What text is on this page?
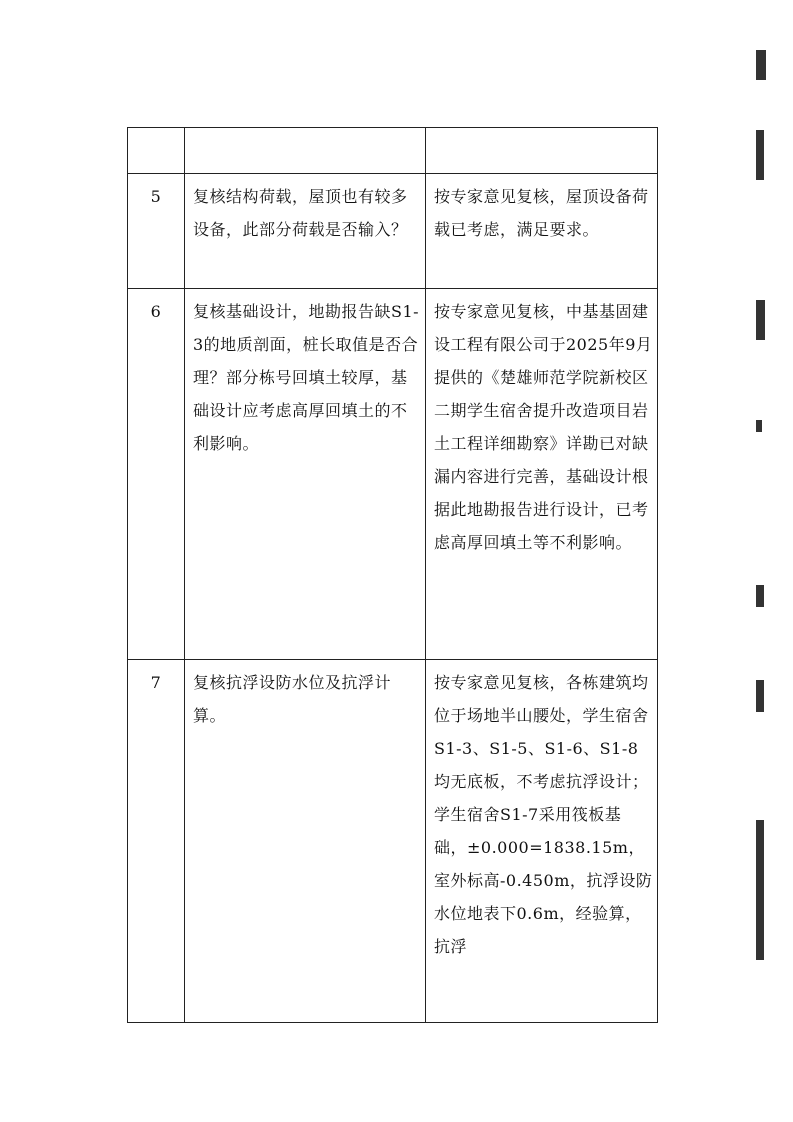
5	复核结构荷载，屋顶也有较多设备，此部分荷载是否输入？	按专家意见复核，屋顶设备荷载已考虑，满足要求。

6	复核基础设计，地勘报告缺S1-3的地质剖面，桩长取值是否合理？部分栋号回填土较厚，基础设计应考虑高厚回填土的不利影响。	按专家意见复核，中基基固建设工程有限公司于2025年9月提供的《楚雄师范学院新校区二期学生宿舍提升改造项目岩土工程详细勘察》详勘已对缺漏内容进行完善，基础设计根据此地勘报告进行设计，已考虑高厚回填土等不利影响。

7	复核抗浮设防水位及抗浮计算。	按专家意见复核，各栋建筑均位于场地半山腰处，学生宿舍S1-3、S1-5、S1-6、S1-8均无底板，不考虑抗浮设计；学生宿舍S1-7采用筏板基础，±0.000=1838.15m，室外标高-0.450m，抗浮设防水位地表下0.6m，经验算，抗浮
